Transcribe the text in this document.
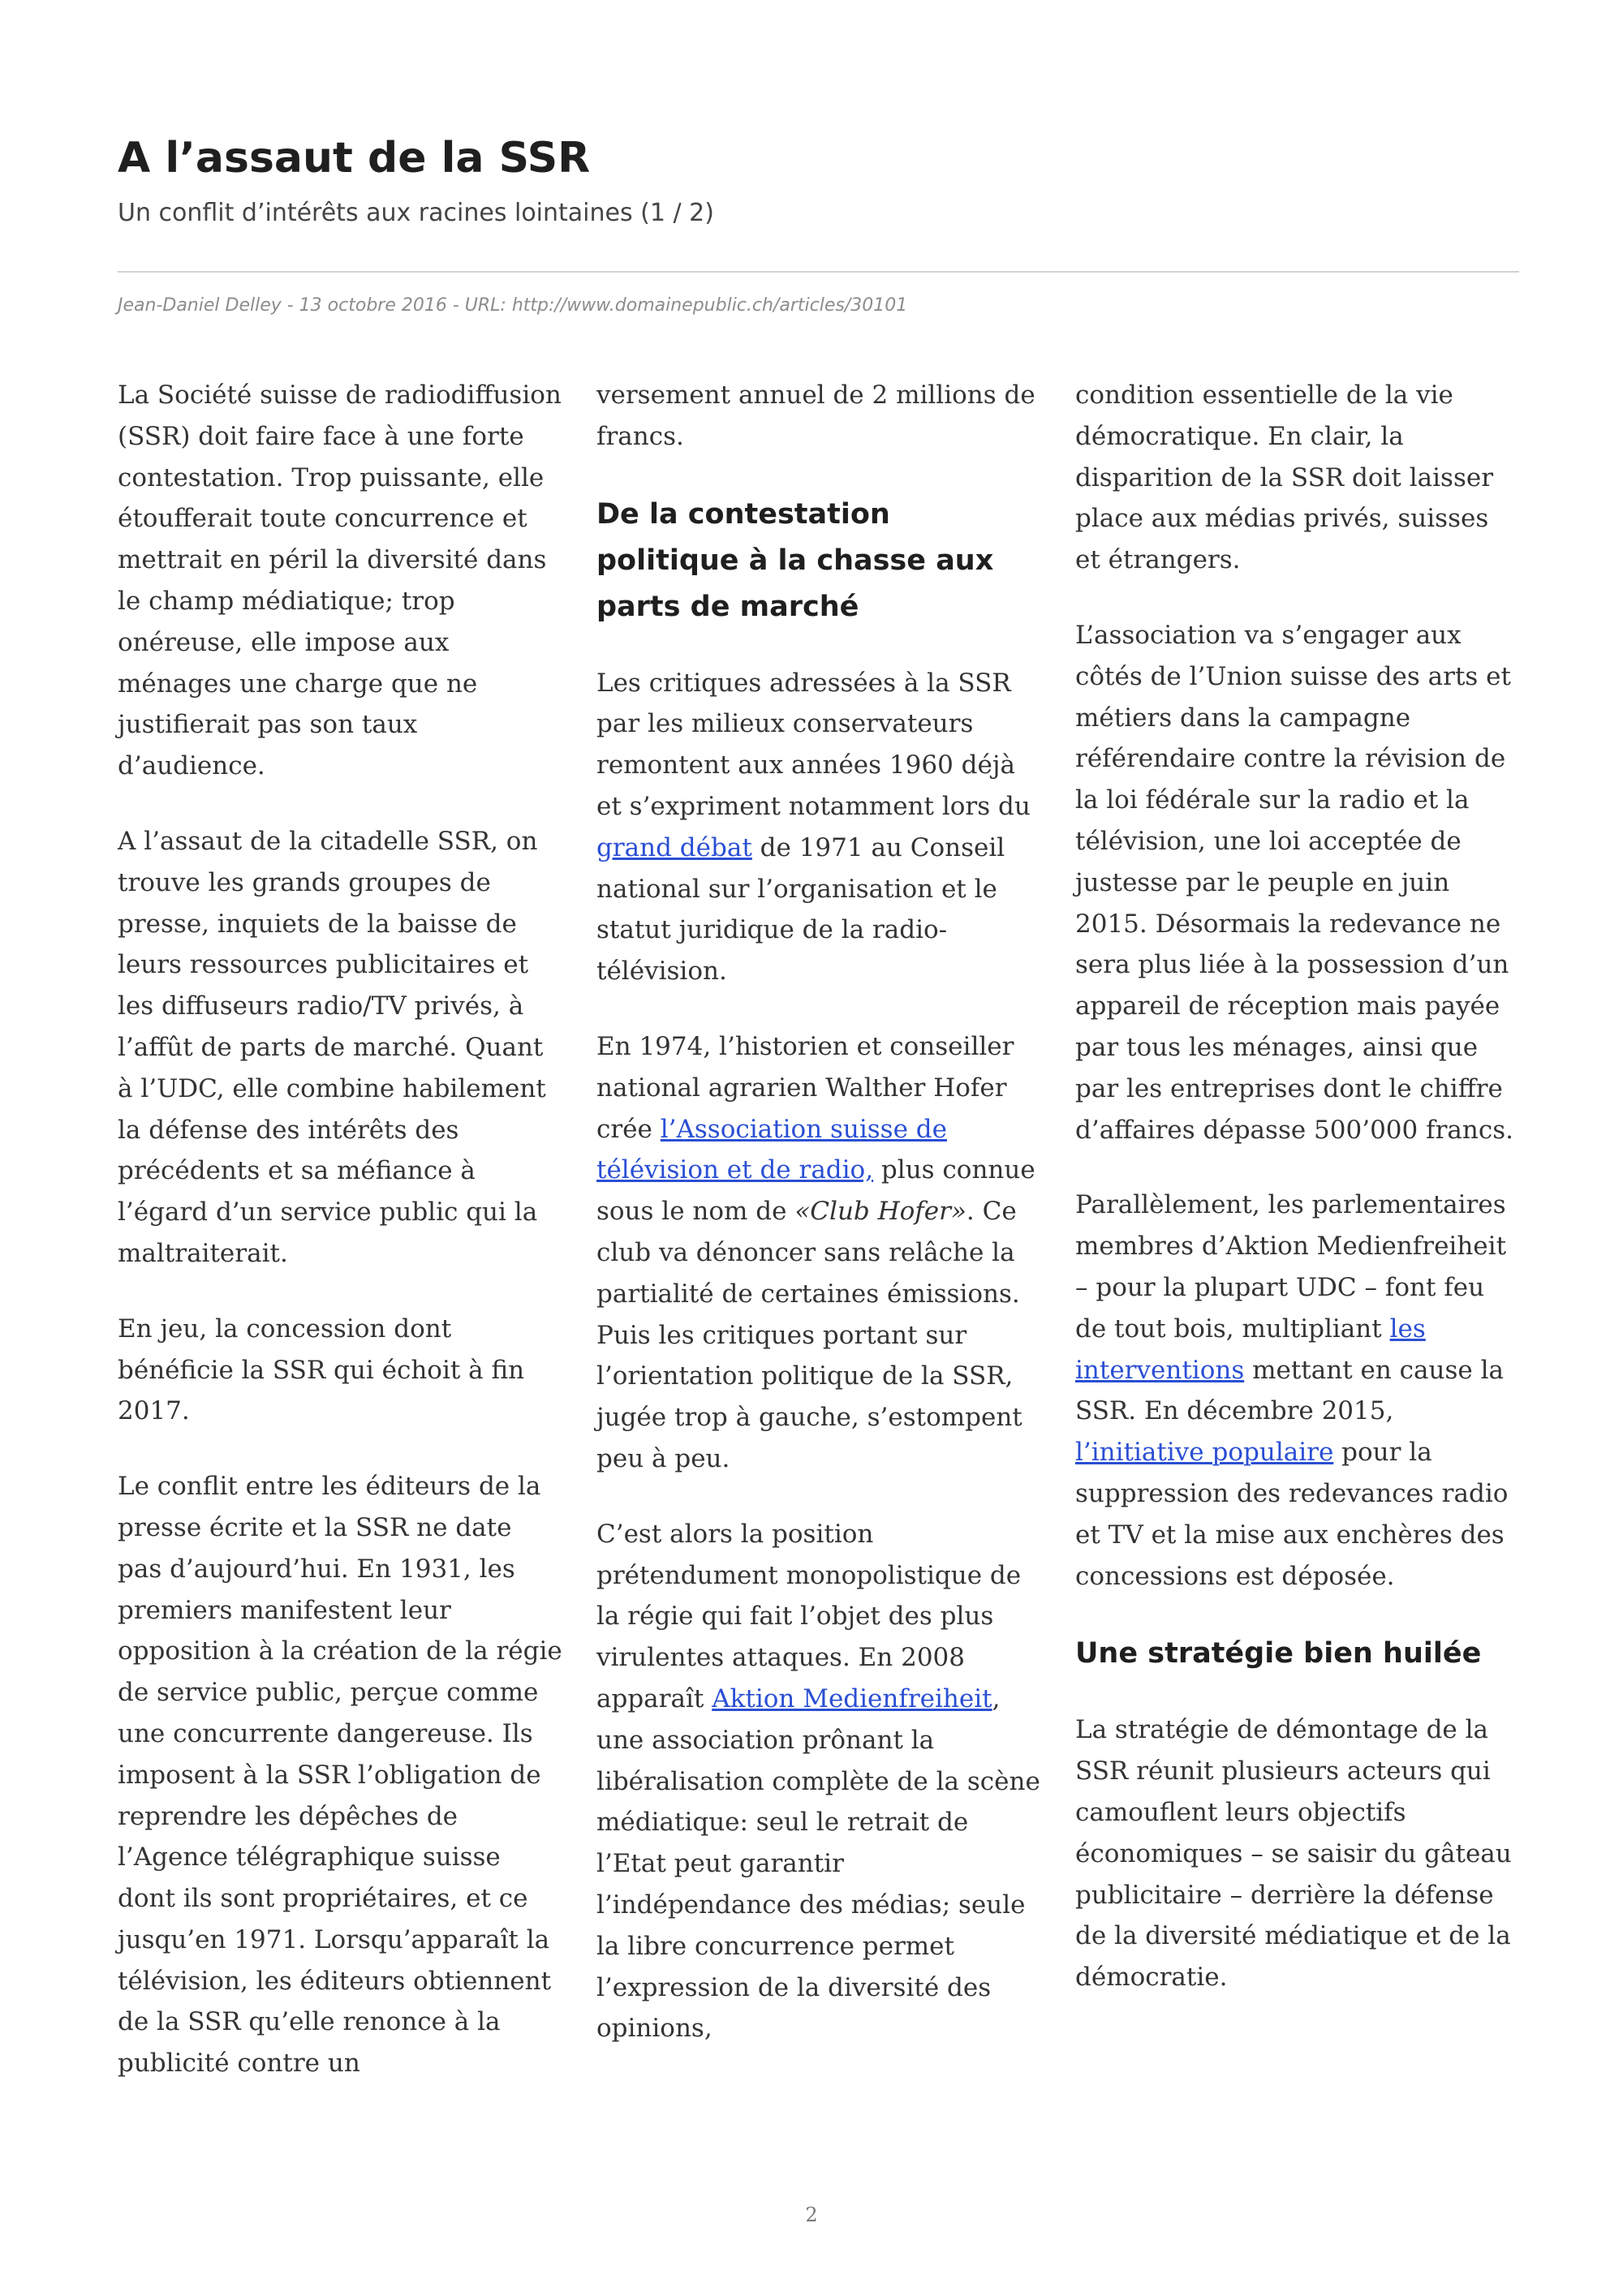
A l’assaut de la SSR
Un conflit d’intérêts aux racines lointaines (1 / 2)
Jean-Daniel Delley - 13 octobre 2016 - URL: http://www.domainepublic.ch/articles/30101

La Société suisse de radiodiffusion (SSR) doit faire face à une forte contestation. Trop puissante, elle étoufferait toute concurrence et mettrait en péril la diversité dans le champ médiatique; trop onéreuse, elle impose aux ménages une charge que ne justifierait pas son taux d’audience.

A l’assaut de la citadelle SSR, on trouve les grands groupes de presse, inquiets de la baisse de leurs ressources publicitaires et les diffuseurs radio/TV privés, à l’affût de parts de marché. Quant à l’UDC, elle combine habilement la défense des intérêts des précédents et sa méfiance à l’égard d’un service public qui la maltraiterait.

En jeu, la concession dont bénéficie la SSR qui échoit à fin 2017.

Le conflit entre les éditeurs de la presse écrite et la SSR ne date pas d’aujourd’hui. En 1931, les premiers manifestent leur opposition à la création de la régie de service public, perçue comme une concurrente dangereuse. Ils imposent à la SSR l’obligation de reprendre les dépêches de l’Agence télégraphique suisse dont ils sont propriétaires, et ce jusqu’en 1971. Lorsqu’apparaît la télévision, les éditeurs obtiennent de la SSR qu’elle renonce à la publicité contre un

versement annuel de 2 millions de francs.

De la contestation politique à la chasse aux parts de marché

Les critiques adressées à la SSR par les milieux conservateurs remontent aux années 1960 déjà et s’expriment notamment lors du grand débat de 1971 au Conseil national sur l’organisation et le statut juridique de la radio-télévision.

En 1974, l’historien et conseiller national agrarien Walther Hofer crée l’Association suisse de télévision et de radio, plus connue sous le nom de «Club Hofer». Ce club va dénoncer sans relâche la partialité de certaines émissions. Puis les critiques portant sur l’orientation politique de la SSR, jugée trop à gauche, s’estompent peu à peu.

C’est alors la position prétendument monopolistique de la régie qui fait l’objet des plus virulentes attaques. En 2008 apparaît Aktion Medienfreiheit, une association prônant la libéralisation complète de la scène médiatique: seul le retrait de l’Etat peut garantir l’indépendance des médias; seule la libre concurrence permet l’expression de la diversité des opinions,

condition essentielle de la vie démocratique. En clair, la disparition de la SSR doit laisser place aux médias privés, suisses et étrangers.

L’association va s’engager aux côtés de l’Union suisse des arts et métiers dans la campagne référendaire contre la révision de la loi fédérale sur la radio et la télévision, une loi acceptée de justesse par le peuple en juin 2015. Désormais la redevance ne sera plus liée à la possession d’un appareil de réception mais payée par tous les ménages, ainsi que par les entreprises dont le chiffre d’affaires dépasse 500’000 francs.

Parallèlement, les parlementaires membres d’Aktion Medienfreiheit – pour la plupart UDC – font feu de tout bois, multipliant les interventions mettant en cause la SSR. En décembre 2015, l’initiative populaire pour la suppression des redevances radio et TV et la mise aux enchères des concessions est déposée.

Une stratégie bien huilée

La stratégie de démontage de la SSR réunit plusieurs acteurs qui camouflent leurs objectifs économiques – se saisir du gâteau publicitaire – derrière la défense de la diversité médiatique et de la démocratie.

2
